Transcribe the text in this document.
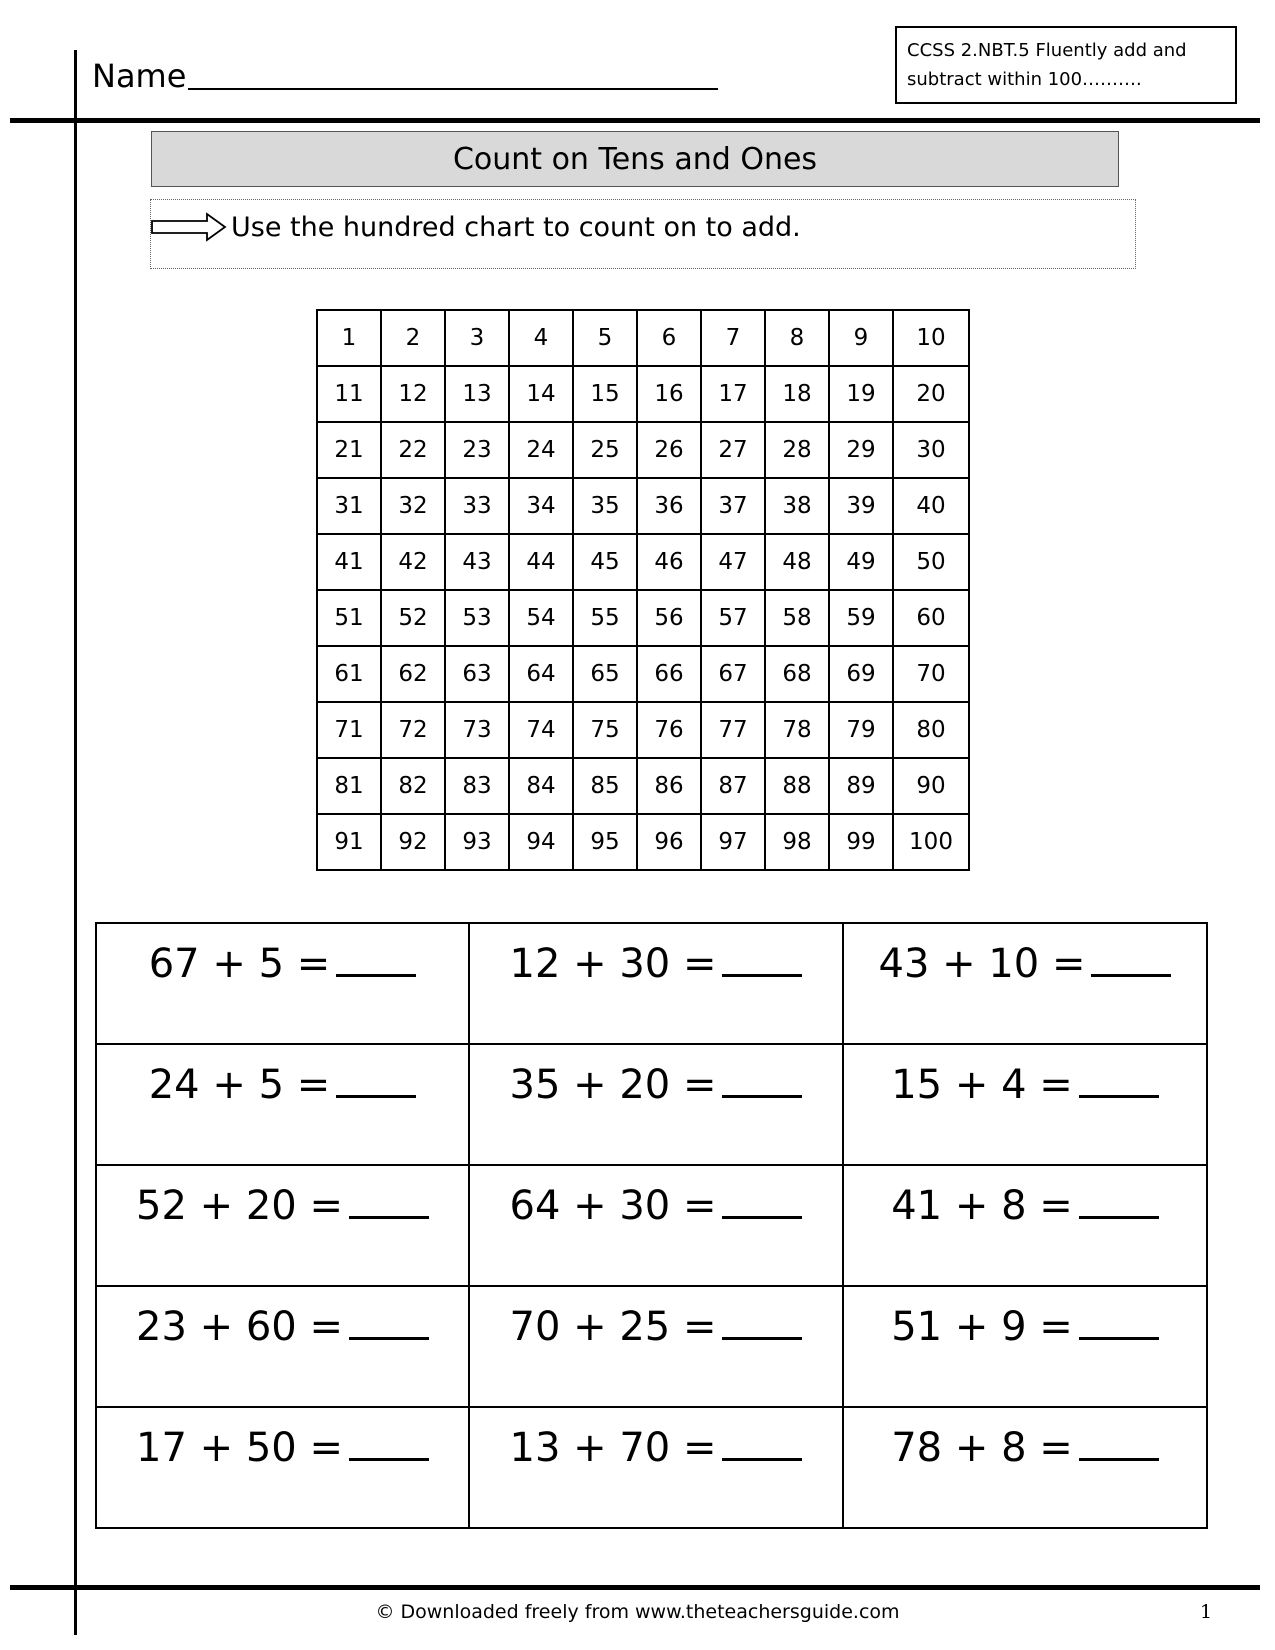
Name
CCSS 2.NBT.5 Fluently add and
subtract within 100……….
Count on Tens and Ones
Use the hundred chart to count on to add.
1	2	3	4	5	6	7	8	9	10
11	12	13	14	15	16	17	18	19	20
21	22	23	24	25	26	27	28	29	30
31	32	33	34	35	36	37	38	39	40
41	42	43	44	45	46	47	48	49	50
51	52	53	54	55	56	57	58	59	60
61	62	63	64	65	66	67	68	69	70
71	72	73	74	75	76	77	78	79	80
81	82	83	84	85	86	87	88	89	90
91	92	93	94	95	96	97	98	99	100
67 + 5 =	12 + 30 =	43 + 10 =
24 + 5 =	35 + 20 =	15 + 4 =
52 + 20 =	64 + 30 =	41 + 8 =
23 + 60 =	70 + 25 =	51 + 9 =
17 + 50 =	13 + 70 =	78 + 8 =
© Downloaded freely from www.theteachersguide.com	1
